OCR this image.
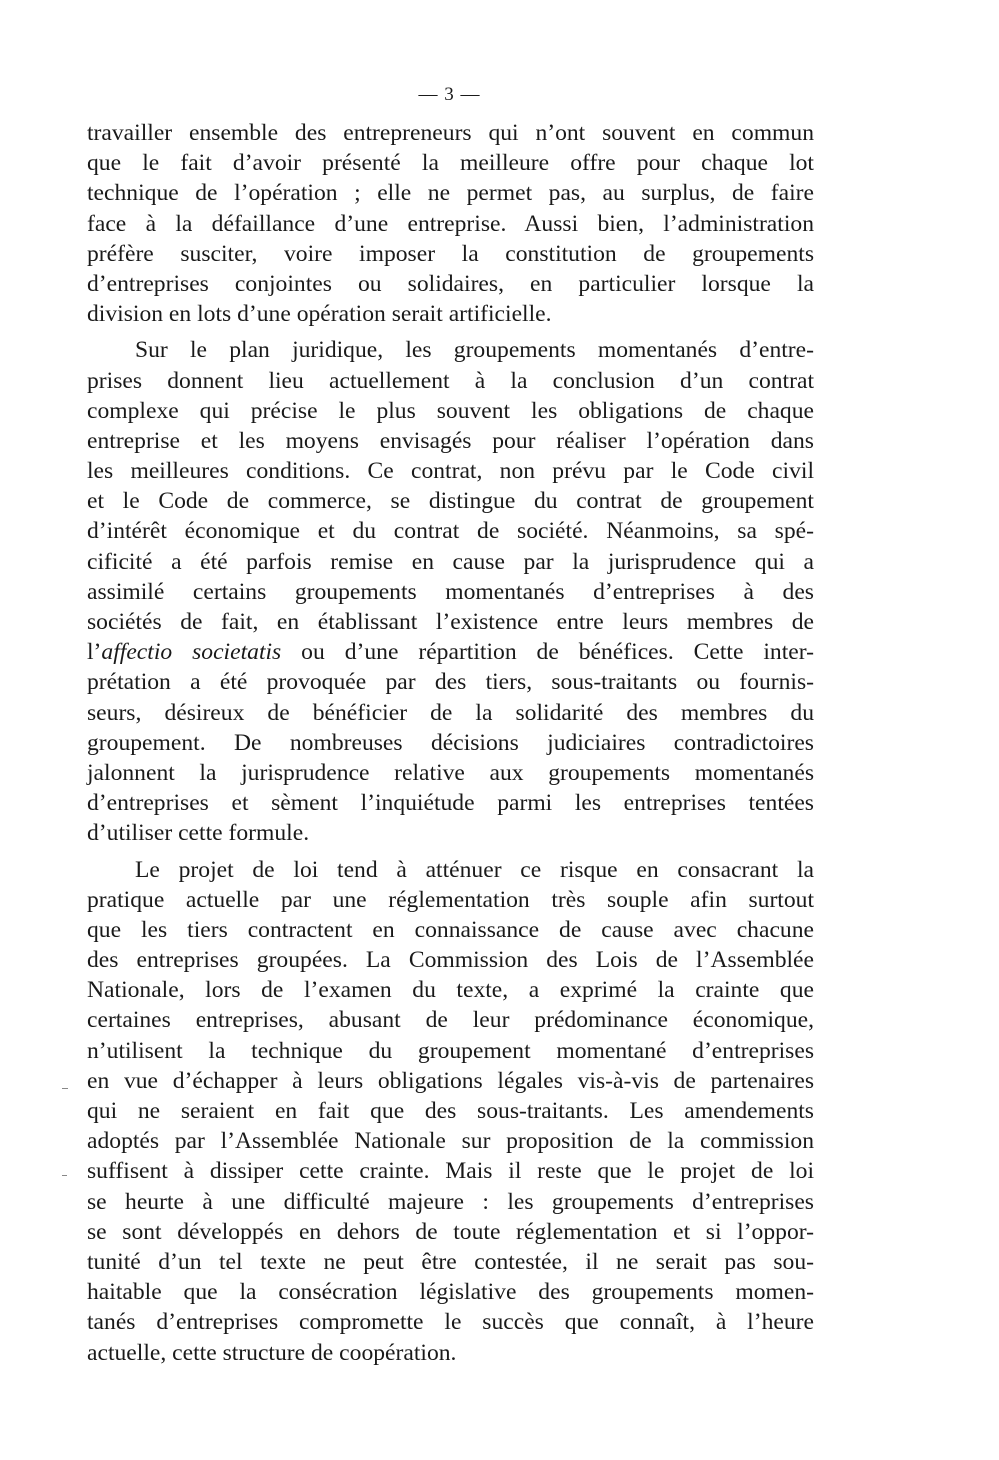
— 3 —
travailler ensemble des entrepreneurs qui n’ont souvent en commun
que le fait d’avoir présenté la meilleure offre pour chaque lot
technique de l’opération ; elle ne permet pas, au surplus, de faire
face à la défaillance d’une entreprise. Aussi bien, l’administration
préfère susciter, voire imposer la constitution de groupements
d’entreprises conjointes ou solidaires, en particulier lorsque la
division en lots d’une opération serait artificielle.
Sur le plan juridique, les groupements momentanés d’entre-
prises donnent lieu actuellement à la conclusion d’un contrat
complexe qui précise le plus souvent les obligations de chaque
entreprise et les moyens envisagés pour réaliser l’opération dans
les meilleures conditions. Ce contrat, non prévu par le Code civil
et le Code de commerce, se distingue du contrat de groupement
d’intérêt économique et du contrat de société. Néanmoins, sa spé-
cificité a été parfois remise en cause par la jurisprudence qui a
assimilé certains groupements momentanés d’entreprises à des
sociétés de fait, en établissant l’existence entre leurs membres de
l’affectio societatis ou d’une répartition de bénéfices. Cette inter-
prétation a été provoquée par des tiers, sous-traitants ou fournis-
seurs, désireux de bénéficier de la solidarité des membres du
groupement. De nombreuses décisions judiciaires contradictoires
jalonnent la jurisprudence relative aux groupements momentanés
d’entreprises et sèment l’inquiétude parmi les entreprises tentées
d’utiliser cette formule.
Le projet de loi tend à atténuer ce risque en consacrant la
pratique actuelle par une réglementation très souple afin surtout
que les tiers contractent en connaissance de cause avec chacune
des entreprises groupées. La Commission des Lois de l’Assemblée
Nationale, lors de l’examen du texte, a exprimé la crainte que
certaines entreprises, abusant de leur prédominance économique,
n’utilisent la technique du groupement momentané d’entreprises
en vue d’échapper à leurs obligations légales vis-à-vis de partenaires
qui ne seraient en fait que des sous-traitants. Les amendements
adoptés par l’Assemblée Nationale sur proposition de la commission
suffisent à dissiper cette crainte. Mais il reste que le projet de loi
se heurte à une difficulté majeure : les groupements d’entreprises
se sont développés en dehors de toute réglementation et si l’oppor-
tunité d’un tel texte ne peut être contestée, il ne serait pas sou-
haitable que la consécration législative des groupements momen-
tanés d’entreprises compromette le succès que connaît, à l’heure
actuelle, cette structure de coopération.
